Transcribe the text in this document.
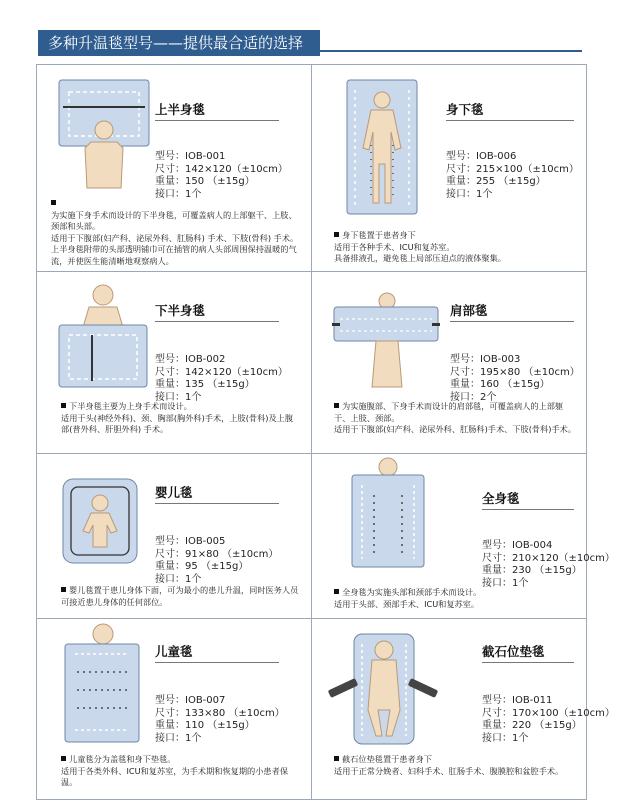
多种升温毯型号——提供最合适的选择
上半身毯

型号：IOB-001
尺寸：142×120（±10cm）
重量：150 （±15g）
接口：1个

为实施下身手术而设计的下半身毯，可覆盖病人的上部躯干、上肢、颈部和头部。

适用于下腹部(妇产科、泌尿外科、肛肠科) 手术、下肢(骨科) 手术。

上半身毯附带的头部透明铺巾可在插管的病人头部周围保持温暖的气流，并使医生能清晰地观察病人。

身下毯

型号：IOB-006
尺寸：215×100（±10cm）
重量：255 （±15g）
接口：1个

身下毯置于患者身下

适用于各种手术、ICU和复苏室。

具备排液孔，避免毯上局部压迫点的液体聚集。

下半身毯

型号：IOB-002
尺寸：142×120（±10cm）
重量：135 （±15g）
接口：1个

下半身毯主要为上身手术而设计。

适用于头(神经外科)、颈、胸部(胸外科)手术，上肢(骨科)及上腹部(普外科、肝胆外科) 手术。

肩部毯

型号：IOB-003
尺寸：195×80 （±10cm）
重量：160 （±15g）
接口：2个

为实施腹部、下身手术而设计的肩部毯，可覆盖病人的上部躯干、上肢、颈部。

适用于下腹部(妇产科、泌尿外科、肛肠科)手术、下肢(骨科)手术。

婴儿毯

型号：IOB-005
尺寸：91×80 （±10cm）
重量：95 （±15g）
接口：1个

婴儿毯置于患儿身体下面，可为最小的患儿升温，同时医务人员可接近患儿身体的任何部位。

全身毯

型号：IOB-004
尺寸：210×120（±10cm）
重量：230 （±15g）
接口：1个

全身毯为实施头部和颈部手术而设计。

适用于头部、颈部手术、ICU和复苏室。

儿童毯

型号：IOB-007
尺寸：133×80 （±10cm）
重量：110 （±15g）
接口：1个

儿童毯分为盖毯和身下垫毯。

适用于各类外科、ICU和复苏室，为手术期和恢复期的小患者保温。

截石位垫毯

型号：IOB-011
尺寸：170×100（±10cm）
重量：220 （±15g）
接口：1个

截石位垫毯置于患者身下

适用于正常分娩者、妇科手术、肛肠手术、腹膜腔和盆腔手术。
